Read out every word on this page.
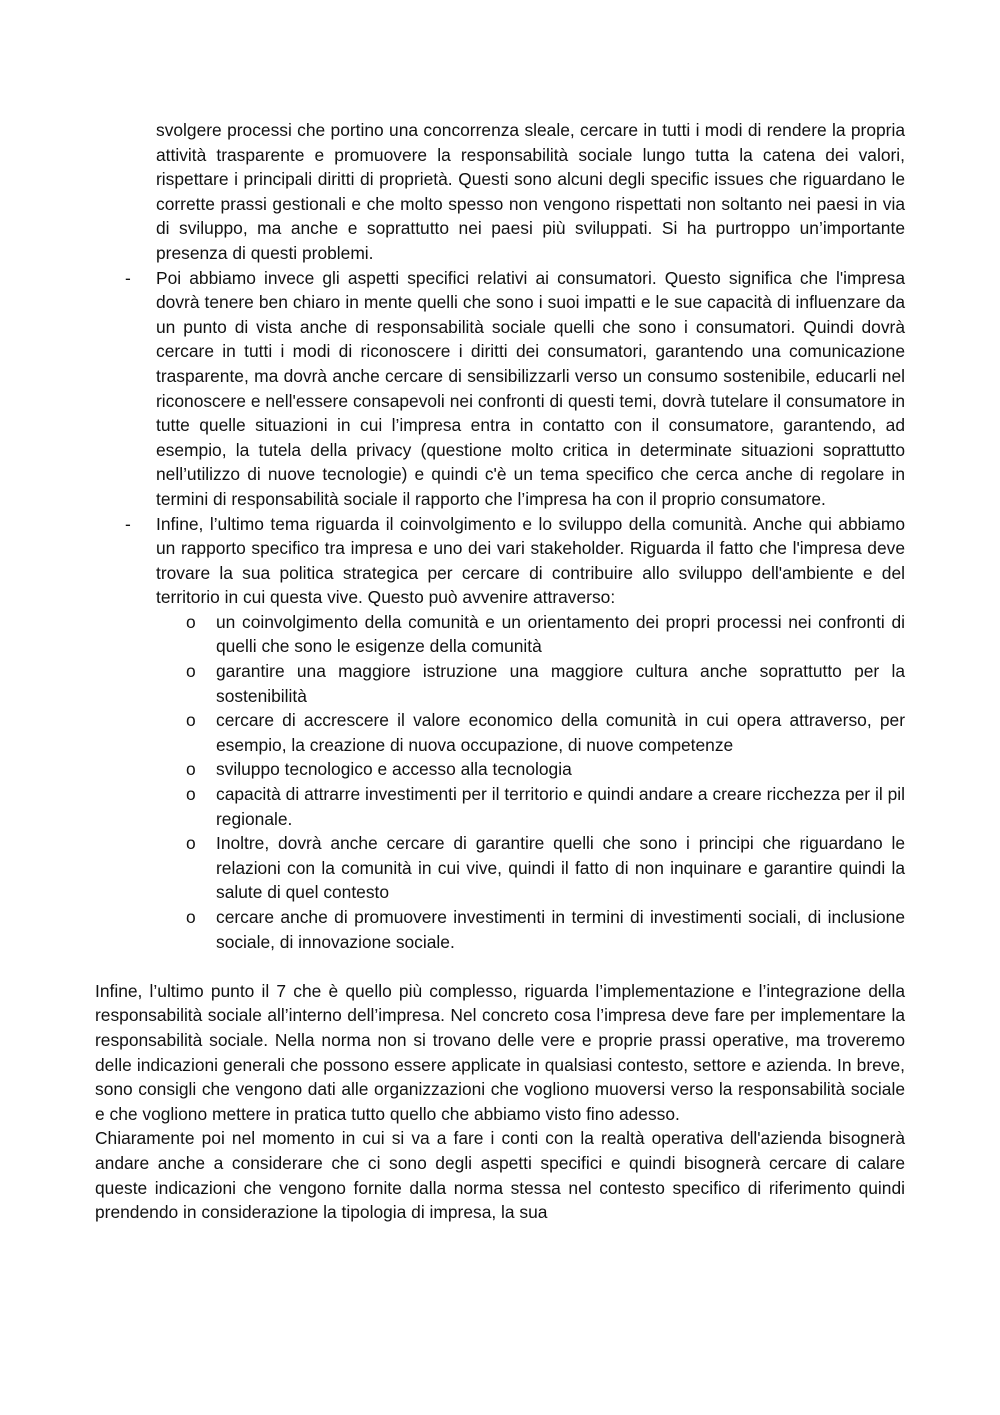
svolgere processi che portino una concorrenza sleale, cercare in tutti i modi di rendere la propria attività trasparente e promuovere la responsabilità sociale lungo tutta la catena dei valori, rispettare i principali diritti di proprietà. Questi sono alcuni degli specific issues che riguardano le corrette prassi gestionali e che molto spesso non vengono rispettati non soltanto nei paesi in via di sviluppo, ma anche e soprattutto nei paesi più sviluppati. Si ha purtroppo un’importante presenza di questi problemi.

- Poi abbiamo invece gli aspetti specifici relativi ai consumatori. Questo significa che l'impresa dovrà tenere ben chiaro in mente quelli che sono i suoi impatti e le sue capacità di influenzare da un punto di vista anche di responsabilità sociale quelli che sono i consumatori. Quindi dovrà cercare in tutti i modi di riconoscere i diritti dei consumatori, garantendo una comunicazione trasparente, ma dovrà anche cercare di sensibilizzarli verso un consumo sostenibile, educarli nel riconoscere e nell'essere consapevoli nei confronti di questi temi, dovrà tutelare il consumatore in tutte quelle situazioni in cui l’impresa entra in contatto con il consumatore, garantendo, ad esempio, la tutela della privacy (questione molto critica in determinate situazioni soprattutto nell’utilizzo di nuove tecnologie) e quindi c'è un tema specifico che cerca anche di regolare in termini di responsabilità sociale il rapporto che l’impresa ha con il proprio consumatore.
- Infine, l’ultimo tema riguarda il coinvolgimento e lo sviluppo della comunità. Anche qui abbiamo un rapporto specifico tra impresa e uno dei vari stakeholder. Riguarda il fatto che l'impresa deve trovare la sua politica strategica per cercare di contribuire allo sviluppo dell'ambiente e del territorio in cui questa vive. Questo può avvenire attraverso:
o un coinvolgimento della comunità e un orientamento dei propri processi nei confronti di quelli che sono le esigenze della comunità
o garantire una maggiore istruzione una maggiore cultura anche soprattutto per la sostenibilità
o cercare di accrescere il valore economico della comunità in cui opera attraverso, per esempio, la creazione di nuova occupazione, di nuove competenze
o sviluppo tecnologico e accesso alla tecnologia
o capacità di attrarre investimenti per il territorio e quindi andare a creare ricchezza per il pil regionale.
o Inoltre, dovrà anche cercare di garantire quelli che sono i principi che riguardano le relazioni con la comunità in cui vive, quindi il fatto di non inquinare e garantire quindi la salute di quel contesto
o cercare anche di promuovere investimenti in termini di investimenti sociali, di inclusione sociale, di innovazione sociale.

Infine, l’ultimo punto il 7 che è quello più complesso, riguarda l’implementazione e l’integrazione della responsabilità sociale all’interno dell’impresa. Nel concreto cosa l’impresa deve fare per implementare la responsabilità sociale. Nella norma non si trovano delle vere e proprie prassi operative, ma troveremo delle indicazioni generali che possono essere applicate in qualsiasi contesto, settore e azienda. In breve, sono consigli che vengono dati alle organizzazioni che vogliono muoversi verso la responsabilità sociale e che vogliono mettere in pratica tutto quello che abbiamo visto fino adesso.

Chiaramente poi nel momento in cui si va a fare i conti con la realtà operativa dell'azienda bisognerà andare anche a considerare che ci sono degli aspetti specifici e quindi bisognerà cercare di calare queste indicazioni che vengono fornite dalla norma stessa nel contesto specifico di riferimento quindi prendendo in considerazione la tipologia di impresa, la sua
